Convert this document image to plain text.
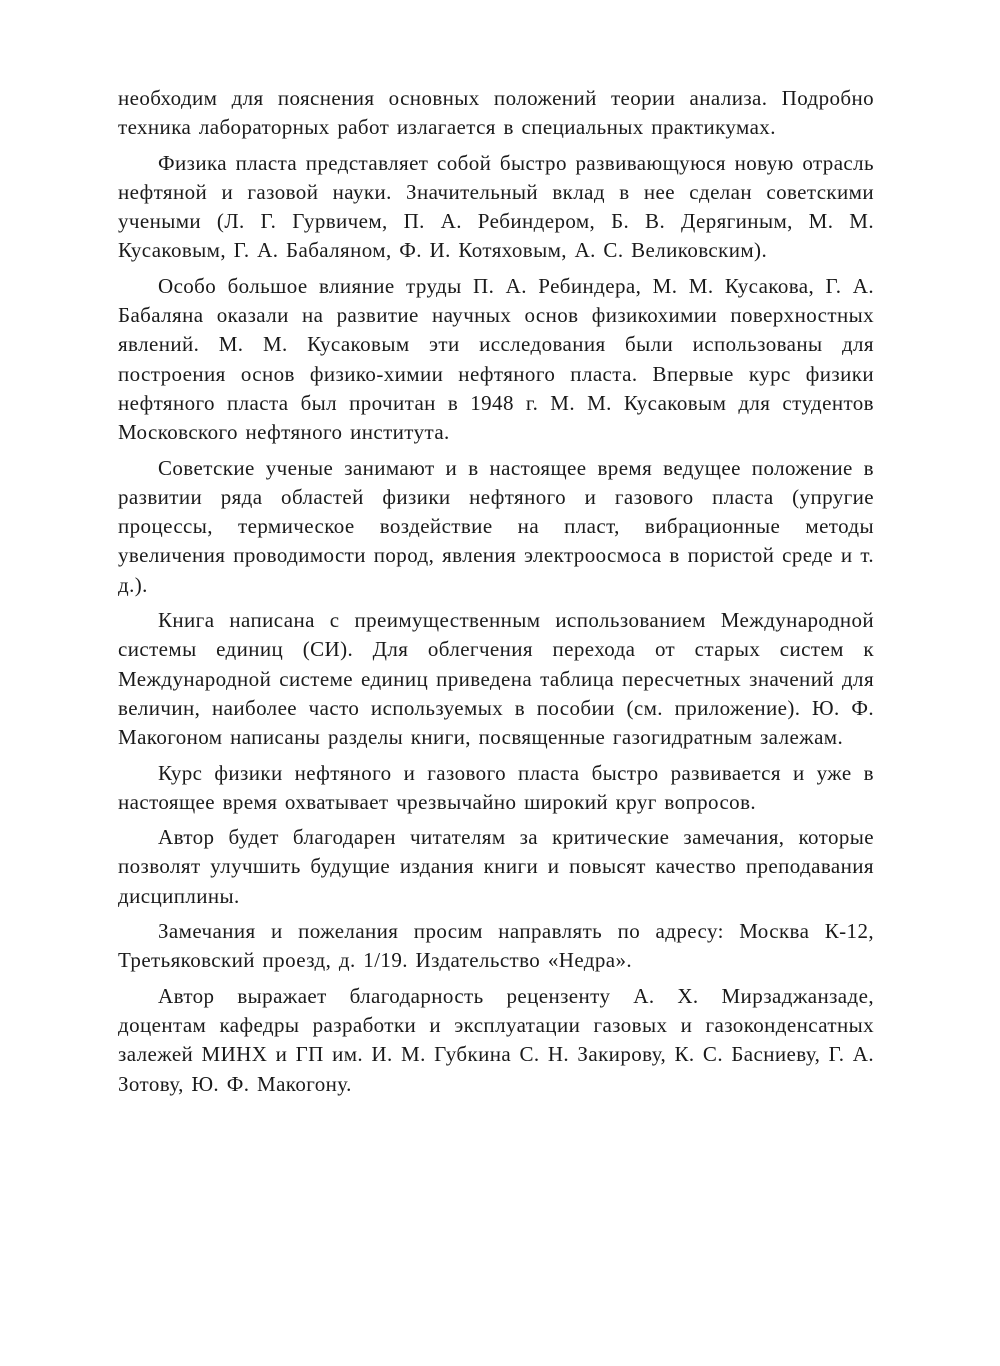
необходим для пояснения основных положений теории анализа. Подробно техника лабораторных работ излагается в специальных практикумах.

Физика пласта представляет собой быстро развивающуюся новую отрасль нефтяной и газовой науки. Значительный вклад в нее сделан советскими учеными (Л. Г. Гурвичем, П. А. Ребиндером, Б. В. Дерягиным, М. М. Кусаковым, Г. А. Бабаляном, Ф. И. Котяховым, А. С. Великовским).

Особо большое влияние труды П. А. Ребиндера, М. М. Кусакова, Г. А. Бабаляна оказали на развитие научных основ физикохимии поверхностных явлений. М. М. Кусаковым эти исследования были использованы для построения основ физико-химии нефтяного пласта. Впервые курс физики нефтяного пласта был прочитан в 1948 г. М. М. Кусаковым для студентов Московского нефтяного института.

Советские ученые занимают и в настоящее время ведущее положение в развитии ряда областей физики нефтяного и газового пласта (упругие процессы, термическое воздействие на пласт, вибрационные методы увеличения проводимости пород, явления электроосмоса в пористой среде и т. д.).

Книга написана с преимущественным использованием Международной системы единиц (СИ). Для облегчения перехода от старых систем к Международной системе единиц приведена таблица пересчетных значений для величин, наиболее часто используемых в пособии (см. приложение). Ю. Ф. Макогоном написаны разделы книги, посвященные газогидратным залежам.

Курс физики нефтяного и газового пласта быстро развивается и уже в настоящее время охватывает чрезвычайно широкий круг вопросов.

Автор будет благодарен читателям за критические замечания, которые позволят улучшить будущие издания книги и повысят качество преподавания дисциплины.

Замечания и пожелания просим направлять по адресу: Москва К-12, Третьяковский проезд, д. 1/19. Издательство «Недра».

Автор выражает благодарность рецензенту А. Х. Мирзаджанзаде, доцентам кафедры разработки и эксплуатации газовых и газоконденсатных залежей МИНХ и ГП им. И. М. Губкина С. Н. Закирову, К. С. Басниеву, Г. А. Зотову, Ю. Ф. Макогону.
